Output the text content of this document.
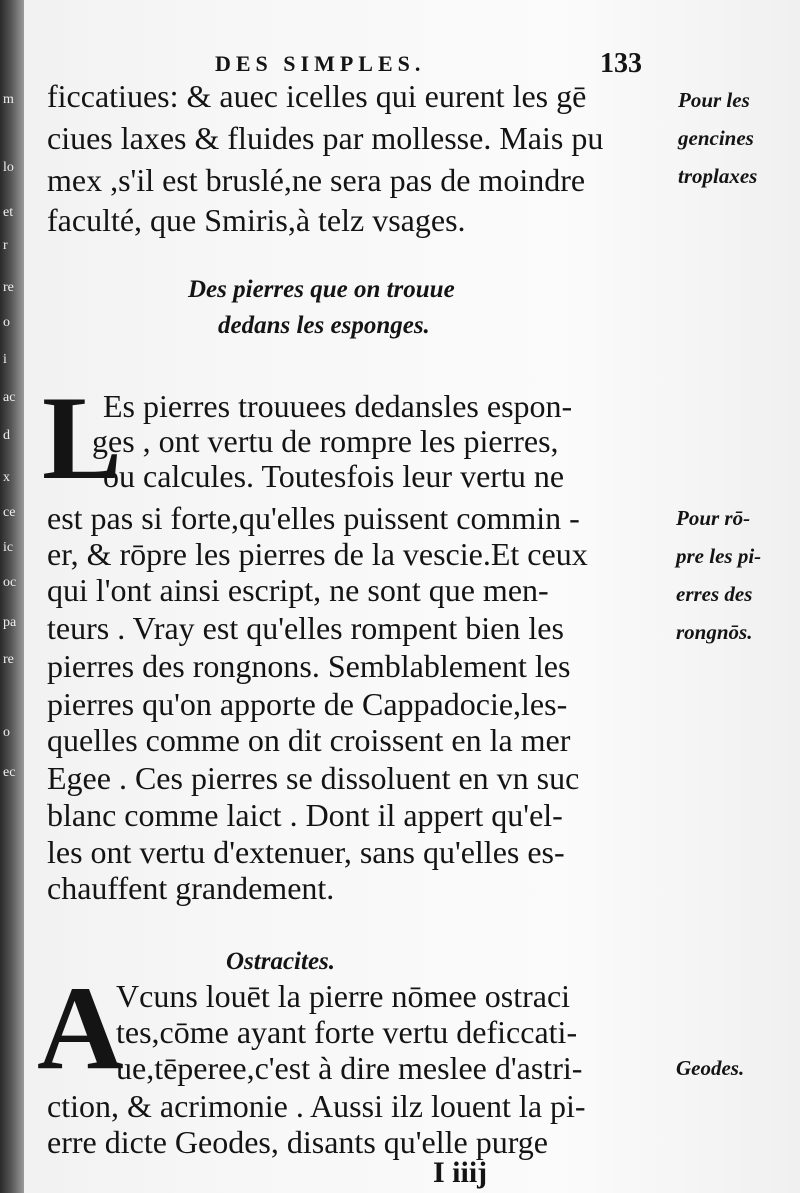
m
lo
et
r
re
o
i
ac
d
x
ce
ic
oc
pa
re
o
ec
DES SIMPLES.	133
ficcatiues: & auec icelles qui eurent les gē
ciues laxes & fluides par mollesse. Mais pu
mex ,s'il est bruslé,ne sera pas de moindre
faculté, que Smiris,à telz vsages.
Pour les
gencines
troplaxes
Des pierres que on trouue
dedans les esponges.
L
Es pierres trouuees dedansles espon-
ges , ont vertu de rompre les pierres,
ou calcules. Toutesfois leur vertu ne
est pas si forte,qu'elles puissent commin -
er, & rōpre les pierres de la vescie.Et ceux
qui l'ont ainsi escript, ne sont que men-
teurs . Vray est qu'elles rompent bien les
pierres des rongnons. Semblablement les
pierres qu'on apporte de Cappadocie,les-
quelles comme on dit croissent en la mer
Egee . Ces pierres se dissoluent en vn suc
blanc comme laict . Dont il appert qu'el-
les ont vertu d'extenuer, sans qu'elles es-
chauffent grandement.
Pour rō-
pre les pi-
erres des
rongnōs.
Ostracites.
A
Vcuns louēt la pierre nōmee ostraci
tes,cōme ayant forte vertu deficcati-
ue,tēperee,c'est à dire meslee d'astri-
ction, & acrimonie . Aussi ilz louent la pi-
erre dicte Geodes, disants qu'elle purge
Geodes.
I iiij
